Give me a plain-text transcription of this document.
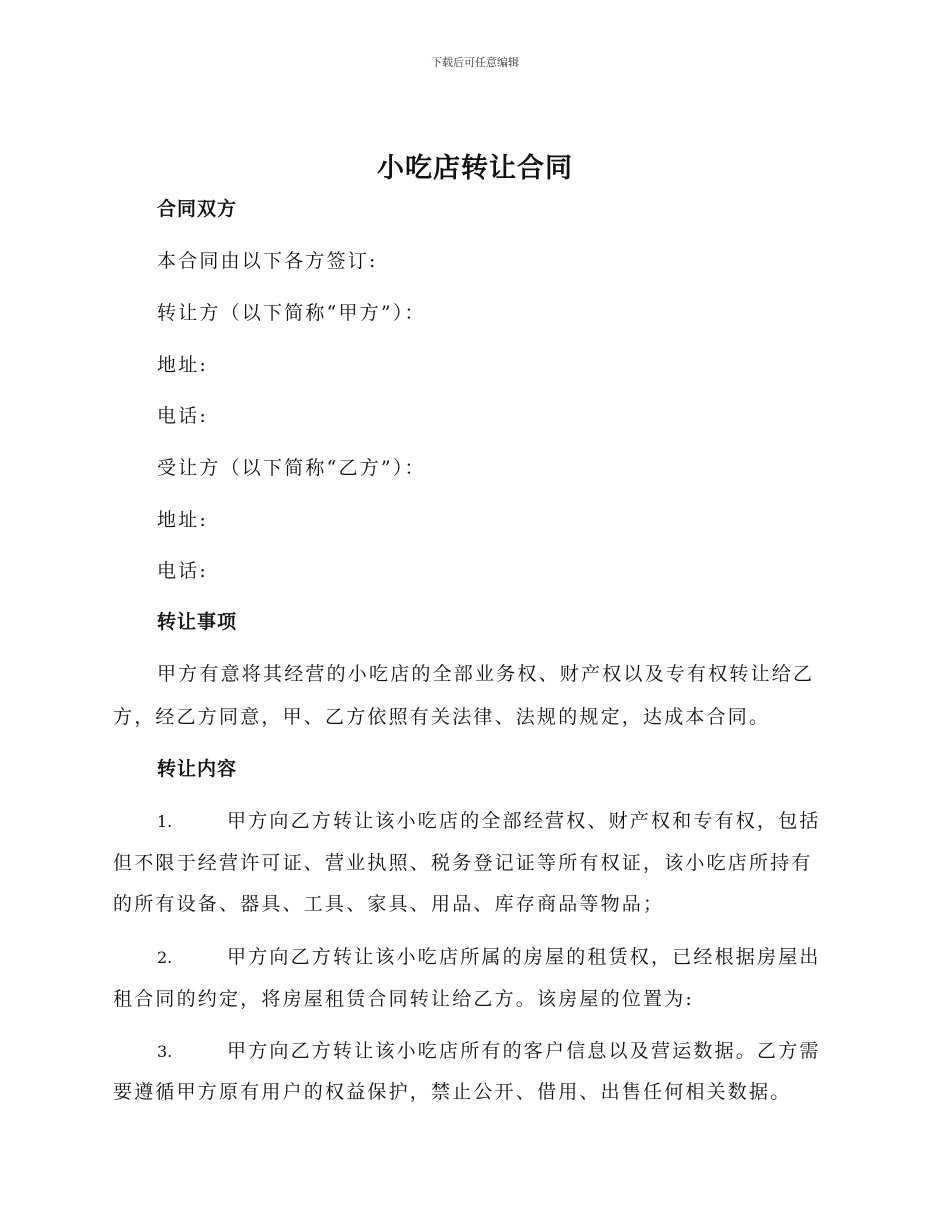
下载后可任意编辑
小吃店转让合同
合同双方
本合同由以下各方签订:
转让方（以下简称“甲方”）：
地址:
电话:
受让方（以下简称“乙方”）：
地址:
电话:
转让事项
甲方有意将其经营的小吃店的全部业务权、财产权以及专有权转让给乙
方，经乙方同意，甲、乙方依照有关法律、法规的规定，达成本合同。
转让内容
1.	甲方向乙方转让该小吃店的全部经营权、财产权和专有权，包括
但不限于经营许可证、营业执照、税务登记证等所有权证，该小吃店所持有
的所有设备、器具、工具、家具、用品、库存商品等物品；
2.	甲方向乙方转让该小吃店所属的房屋的租赁权，已经根据房屋出
租合同的约定，将房屋租赁合同转让给乙方。该房屋的位置为:
3.	甲方向乙方转让该小吃店所有的客户信息以及营运数据。乙方需
要遵循甲方原有用户的权益保护，禁止公开、借用、出售任何相关数据。
